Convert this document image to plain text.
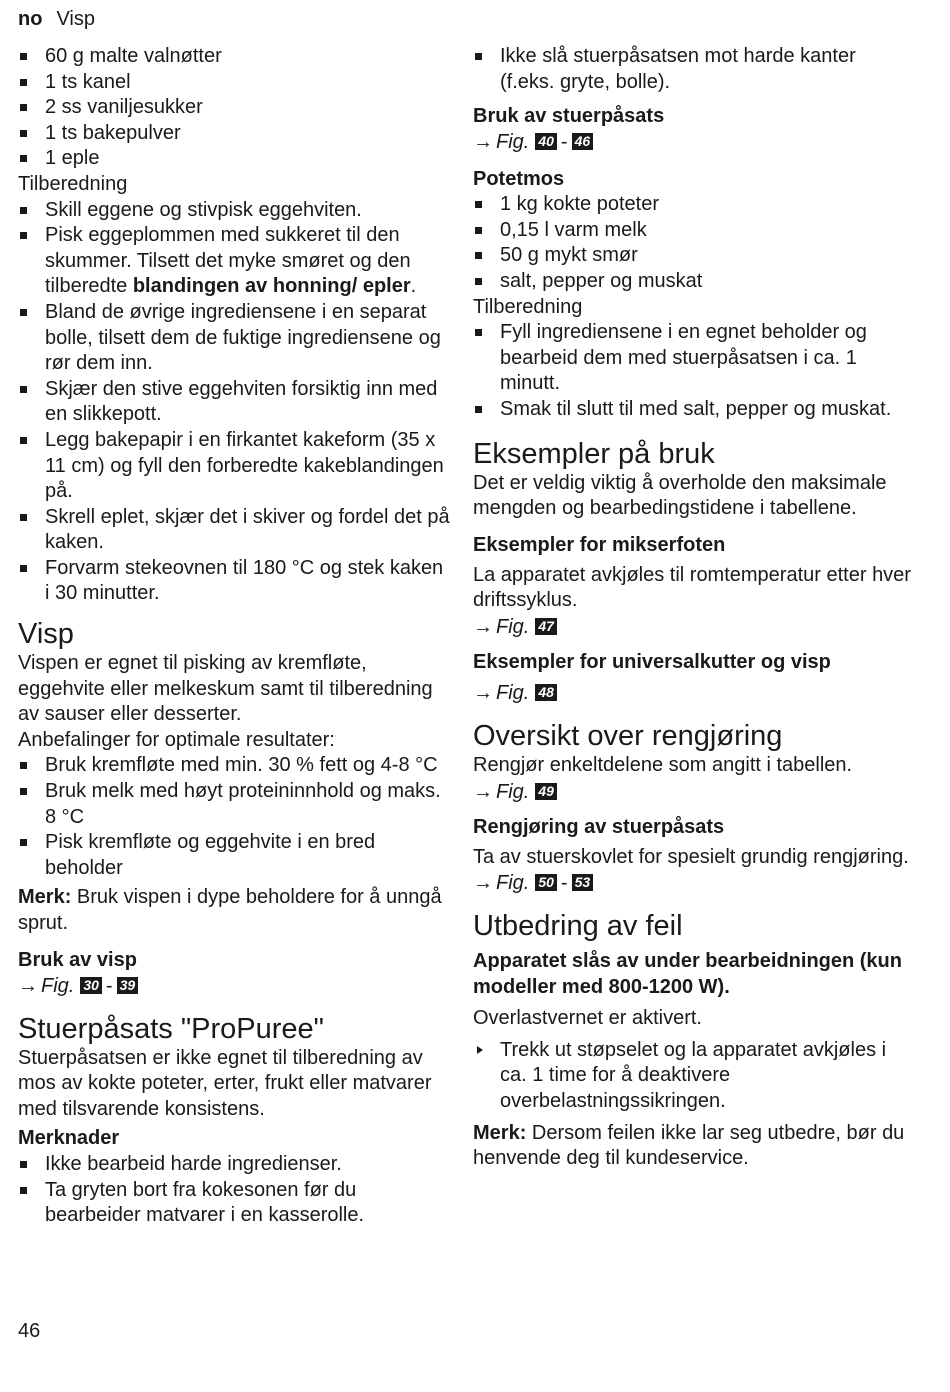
no Visp
60 g malte valnøtter
1 ts kanel
2 ss vaniljesukker
1 ts bakepulver
1 eple

Tilberedning

Skill eggene og stivpisk eggehviten.
Pisk eggeplommen med sukkeret til den skummer. Tilsett det myke smøret og den tilberedte blandingen av honning/ epler.
Bland de øvrige ingrediensene i en separat bolle, tilsett dem de fuktige ingrediensene og rør dem inn.
Skjær den stive eggehviten forsiktig inn med en slikkepott.
Legg bakepapir i en firkantet kakeform (35 x 11 cm) og fyll den forberedte kakeblandingen på.
Skrell eplet, skjær det i skiver og fordel det på kaken.
Forvarm stekeovnen til 180 °C og stek kaken i 30 minutter.
Visp

Vispen er egnet til pisking av kremfløte, eggehvite eller melkeskum samt til tilberedning av sauser eller desserter.

Anbefalinger for optimale resultater:

Bruk kremfløte med min. 30 % fett og 4-8 °C
Bruk melk med høyt proteininnhold og maks. 8 °C
Pisk kremfløte og eggehvite i en bred beholder

Merk: Bruk vispen i dype beholdere for å unngå sprut.

Bruk av visp

→ Fig. 30 - 39

Stuerpåsats "ProPuree"

Stuerpåsatsen er ikke egnet til tilberedning av mos av kokte poteter, erter, frukt eller matvarer med tilsvarende konsistens.

Merknader

Ikke bearbeid harde ingredienser.
Ta gryten bort fra kokesonen før du bearbeider matvarer i en kasserolle.
Ikke slå stuerpåsatsen mot harde kanter (f.eks. gryte, bolle).
Bruk av stuerpåsats

→ Fig. 40 - 46

Potetmos
1 kg kokte poteter
0,15 l varm melk
50 g mykt smør
salt, pepper og muskat

Tilberedning

Fyll ingrediensene i en egnet beholder og bearbeid dem med stuerpåsatsen i ca. 1 minutt.
Smak til slutt til med salt, pepper og muskat.
Eksempler på bruk

Det er veldig viktig å overholde den maksimale mengden og bearbedingstidene i tabellene.

Eksempler for mikserfoten

La apparatet avkjøles til romtemperatur etter hver driftssyklus.

→ Fig. 47

Eksempler for universalkutter og visp

→ Fig. 48

Oversikt over rengjøring

Rengjør enkeltdelene som angitt i tabellen.

→ Fig. 49

Rengjøring av stuerpåsats

Ta av stuerskovlet for spesielt grundig rengjøring.

→ Fig. 50 - 53

Utbedring av feil

Apparatet slås av under bearbeidningen (kun modeller med 800-1200 W).

Overlastvernet er aktivert.

Trekk ut støpselet og la apparatet avkjøles i ca. 1 time for å deaktivere overbelastningssikringen.

Merk: Dersom feilen ikke lar seg utbedre, bør du henvende deg til kundeservice.

46
